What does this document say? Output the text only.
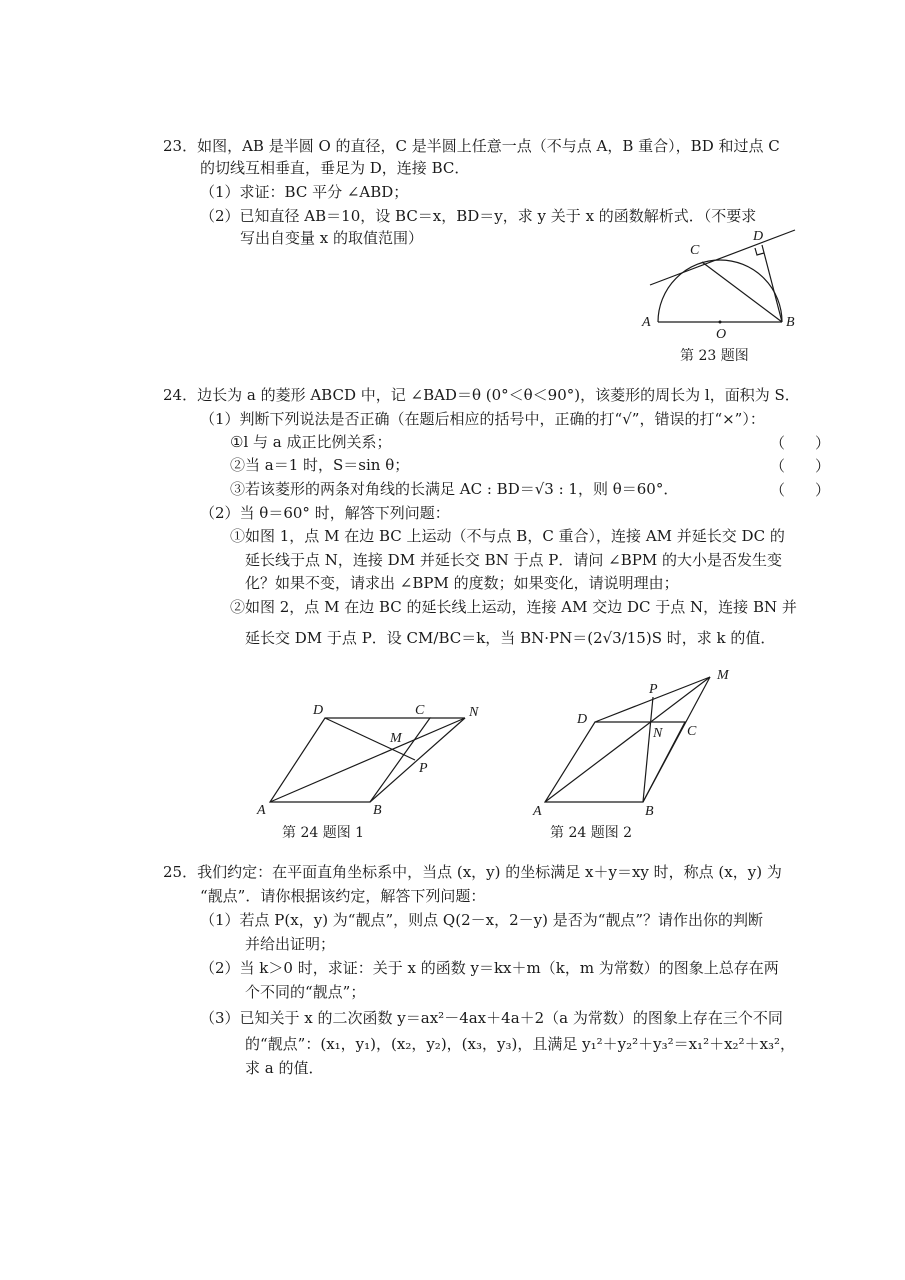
23．如图，AB 是半圆 O 的直径，C 是半圆上任意一点（不与点 A，B 重合），BD 和过点 C
的切线互相垂直，垂足为 D，连接 BC．
（1）求证：BC 平分 ∠ABD；
（2）已知直径 AB＝10，设 BC＝x，BD＝y，求 y 关于 x 的函数解析式．（不要求
写出自变量 x 的取值范围）
A	B
C
D
O
第 23 题图
24．边长为 a 的菱形 ABCD 中，记 ∠BAD＝θ (0°＜θ＜90°)，该菱形的周长为 l，面积为 S．
（1）判断下列说法是否正确（在题后相应的括号中，正确的打“√”，错误的打“×”）：
①l 与 a 成正比例关系；	（　　）
②当 a＝1 时，S＝sin θ；	（　　）
③若该菱形的两条对角线的长满足 AC : BD＝√3 : 1，则 θ＝60°．	（　　）
（2）当 θ＝60° 时，解答下列问题：
①如图 1，点 M 在边 BC 上运动（不与点 B，C 重合），连接 AM 并延长交 DC 的
延长线于点 N，连接 DM 并延长交 BN 于点 P．请问 ∠BPM 的大小是否发生变
化？如果不变，请求出 ∠BPM 的度数；如果变化，请说明理由；
②如图 2，点 M 在边 BC 的延长线上运动，连接 AM 交边 DC 于点 N，连接 BN 并
延长交 DM 于点 P．设 CM/BC＝k，当 BN·PN＝(2√3/15)S 时，求 k 的值．
A	B
C
D
M
N
P
第 24 题图 1
A	B
C
D
M
N
P
第 24 题图 2
25．我们约定：在平面直角坐标系中，当点 (x，y) 的坐标满足 x＋y＝xy 时，称点 (x，y) 为
“靓点”．请你根据该约定，解答下列问题：
（1）若点 P(x，y) 为“靓点”，则点 Q(2－x，2－y) 是否为“靓点”？请作出你的判断
并给出证明；
（2）当 k＞0 时，求证：关于 x 的函数 y＝kx＋m（k，m 为常数）的图象上总存在两
个不同的“靓点”；
（3）已知关于 x 的二次函数 y＝ax²－4ax＋4a＋2（a 为常数）的图象上存在三个不同
的“靓点”：(x₁，y₁)，(x₂，y₂)，(x₃，y₃)，且满足 y₁²＋y₂²＋y₃²＝x₁²＋x₂²＋x₃²，
求 a 的值．
